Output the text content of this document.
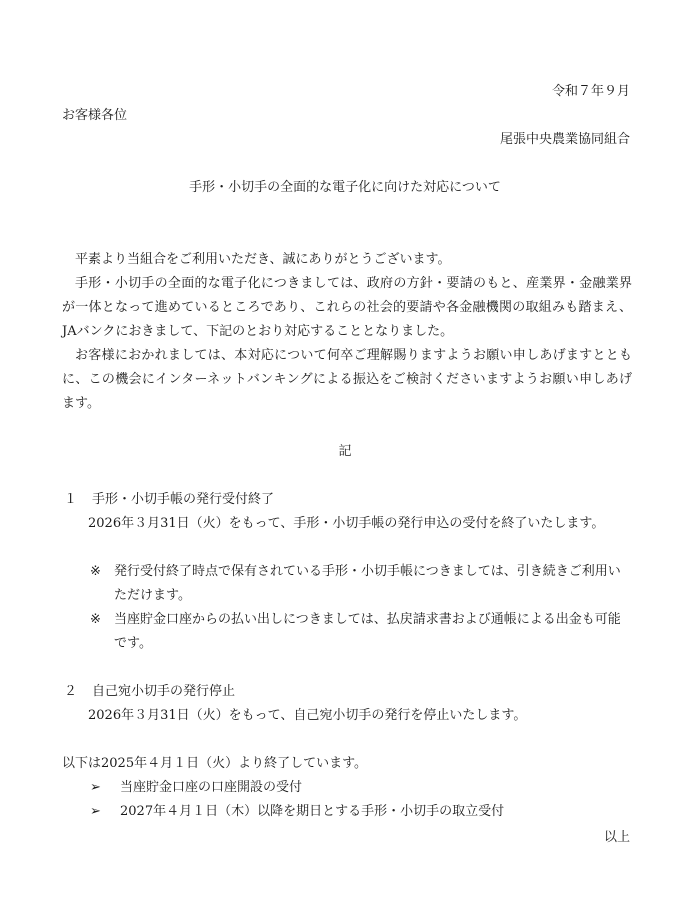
令和７年９月
お客様各位
尾張中央農業協同組合
手形・小切手の全面的な電子化に向けた対応について
平素より当組合をご利用いただき、誠にありがとうございます。
手形・小切手の全面的な電子化につきましては、政府の方針・要請のもと、産業界・金融業界が一体となって進めているところであり、これらの社会的要請や各金融機関の取組みも踏まえ、JAバンクにおきまして、下記のとおり対応することとなりました。
お客様におかれましては、本対応について何卒ご理解賜りますようお願い申しあげますとともに、この機会にインターネットバンキングによる振込をご検討くださいますようお願い申しあげます。
記
１ 手形・小切手帳の発行受付終了
2026年３月31日（火）をもって、手形・小切手帳の発行申込の受付を終了いたします。
※ 発行受付終了時点で保有されている手形・小切手帳につきましては、引き続きご利用いただけます。
※ 当座貯金口座からの払い出しにつきましては、払戻請求書および通帳による出金も可能です。
２ 自己宛小切手の発行停止
2026年３月31日（火）をもって、自己宛小切手の発行を停止いたします。
以下は2025年４月１日（火）より終了しています。
➢ 当座貯金口座の口座開設の受付
➢ 2027年４月１日（木）以降を期日とする手形・小切手の取立受付
以上
